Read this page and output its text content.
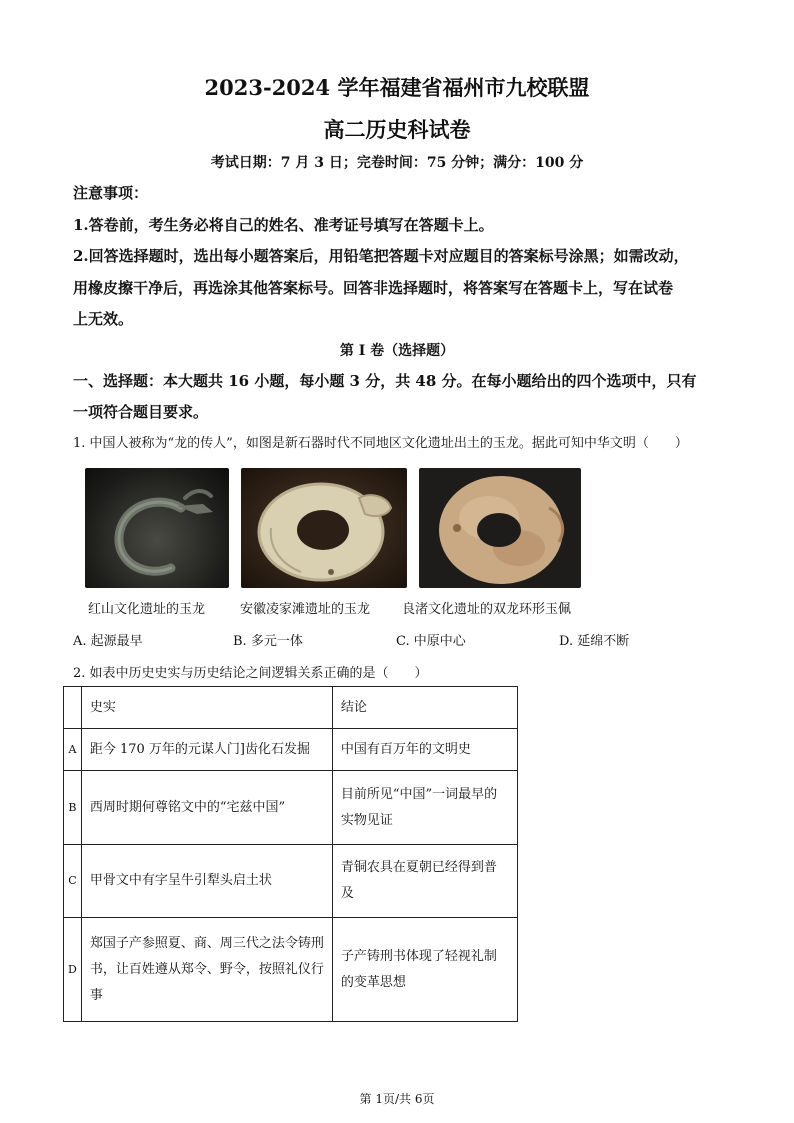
2023-2024 学年福建省福州市九校联盟
高二历史科试卷
考试日期：7 月 3 日；完卷时间：75 分钟；满分：100 分
注意事项：
1.答卷前，考生务必将自己的姓名、准考证号填写在答题卡上。
2.回答选择题时，选出每小题答案后，用铅笔把答题卡对应题目的答案标号涂黑；如需改动，
用橡皮擦干净后，再选涂其他答案标号。回答非选择题时，将答案写在答题卡上，写在试卷
上无效。
第 I 卷（选择题）
一、选择题：本大题共 16 小题，每小题 3 分，共 48 分。在每小题给出的四个选项中，只有
一项符合题目要求。
1. 中国人被称为“龙的传人”，如图是新石器时代不同地区文化遗址出土的玉龙。据此可知中华文明（　　）
红山文化遗址的玉龙	安徽凌家滩遗址的玉龙 良渚文化遗址的双龙环形玉佩
A. 起源最早	B. 多元一体	C. 中原中心	D. 延绵不断
2. 如表中历史史实与历史结论之间逻辑关系正确的是（　　）
	史实	结论
A	距今 170 万年的元谋人门]齿化石发掘	中国有百万年的文明史
B	西周时期何尊铭文中的“宅兹中国”	目前所见“中国”一词最早的实物见证
C	甲骨文中有字呈牛引犁头启土状	青铜农具在夏朝已经得到普及
D	郑国子产参照夏、商、周三代之法令铸刑书，让百姓遵从郑令、野令，按照礼仪行事	子产铸刑书体现了轻视礼制的变革思想
第 1页/共 6页
